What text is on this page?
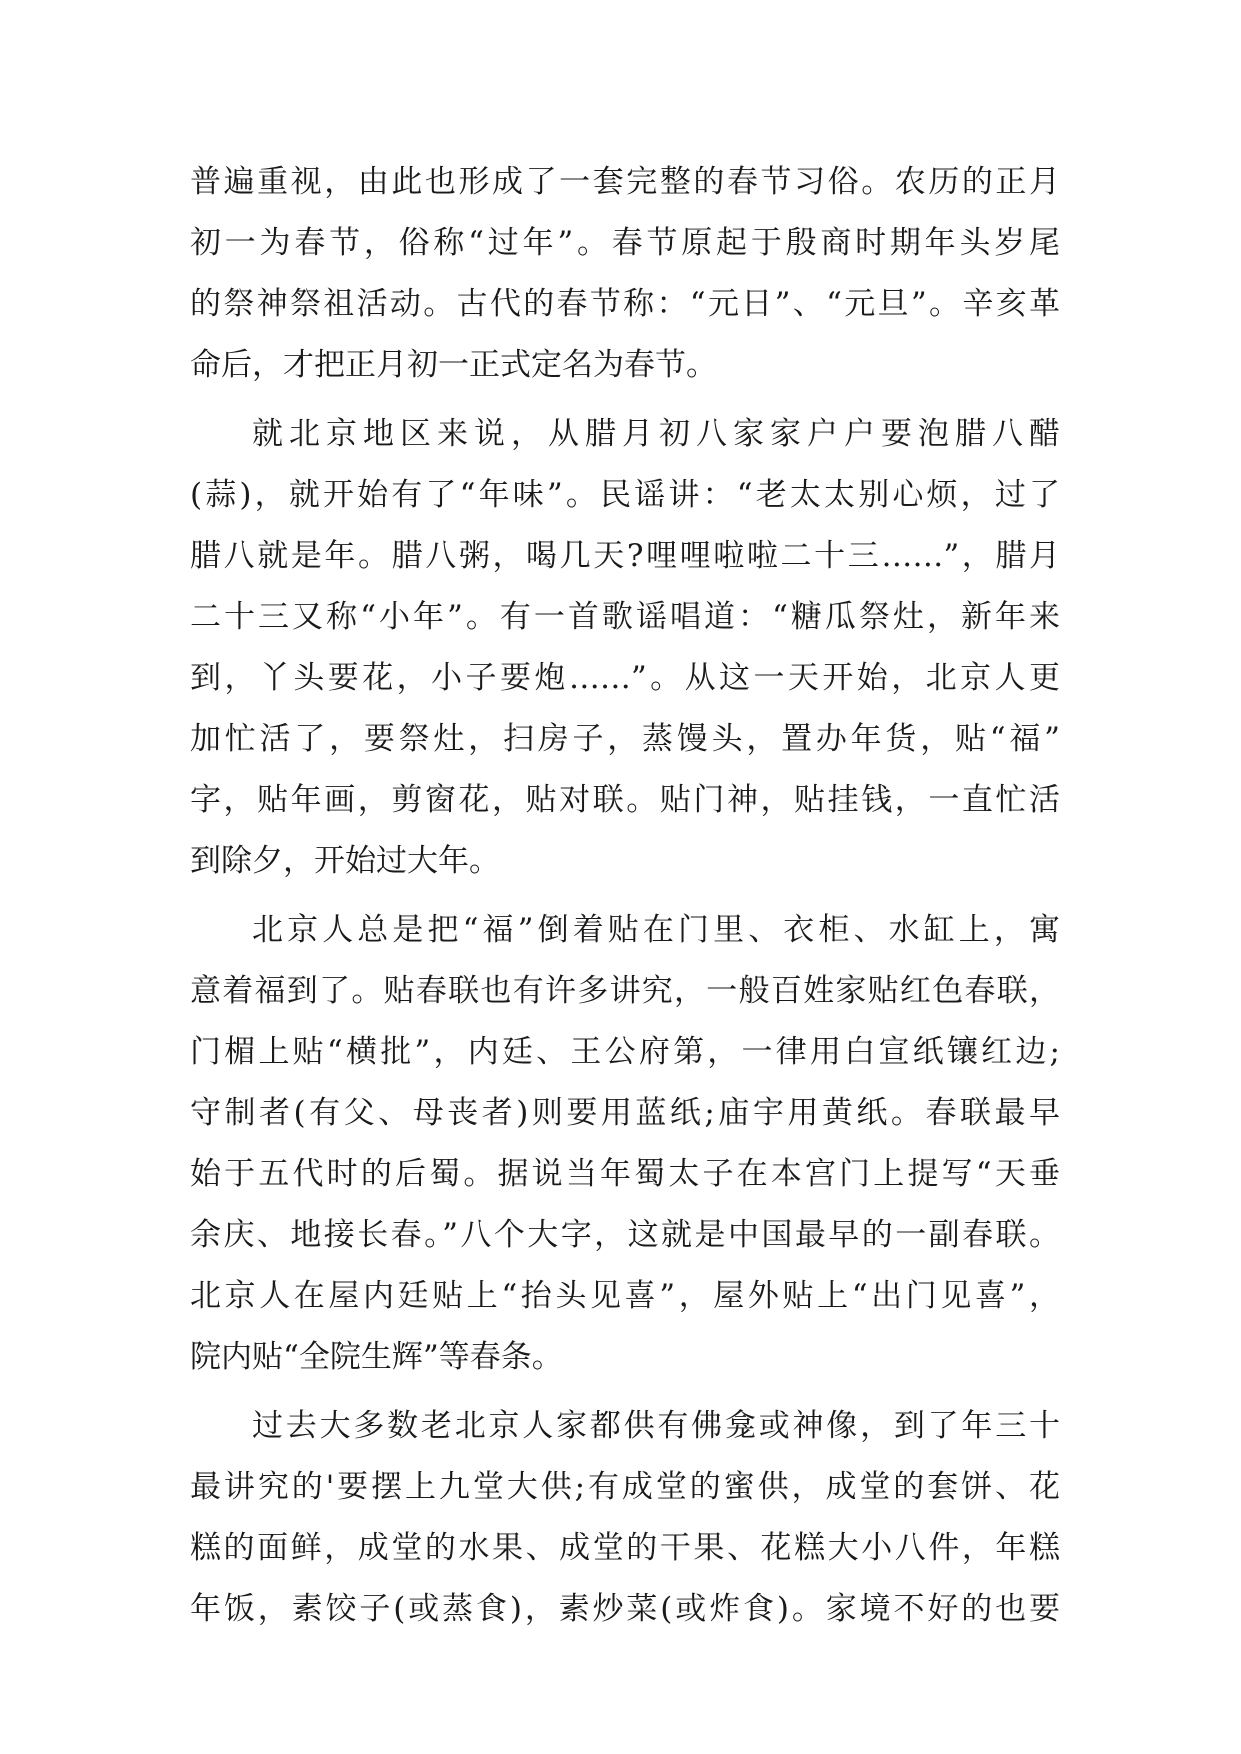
普遍重视，由此也形成了一套完整的春节习俗。农历的正月
初一为春节，俗称“过年”。春节原起于殷商时期年头岁尾
的祭神祭祖活动。古代的春节称：“元日”、“元旦”。辛亥革
命后，才把正月初一正式定名为春节。
就北京地区来说，从腊月初八家家户户要泡腊八醋
(蒜)，就开始有了“年味”。民谣讲：“老太太别心烦，过了
腊八就是年。腊八粥，喝几天?哩哩啦啦二十三……”，腊月
二十三又称“小年”。有一首歌谣唱道：“糖瓜祭灶，新年来
到，丫头要花，小子要炮……”。从这一天开始，北京人更
加忙活了，要祭灶，扫房子，蒸馒头，置办年货，贴“福”
字，贴年画，剪窗花，贴对联。贴门神，贴挂钱，一直忙活
到除夕，开始过大年。
北京人总是把“福”倒着贴在门里、衣柜、水缸上，寓
意着福到了。贴春联也有许多讲究，一般百姓家贴红色春联，
门楣上贴“横批”，内廷、王公府第，一律用白宣纸镶红边;
守制者(有父、母丧者)则要用蓝纸;庙宇用黄纸。春联最早
始于五代时的后蜀。据说当年蜀太子在本宫门上提写“天垂
余庆、地接长春。”八个大字，这就是中国最早的一副春联。
北京人在屋内廷贴上“抬头见喜”，屋外贴上“出门见喜”，
院内贴“全院生辉”等春条。
过去大多数老北京人家都供有佛龛或神像，到了年三十
最讲究的'要摆上九堂大供;有成堂的蜜供，成堂的套饼、花
糕的面鲜，成堂的水果、成堂的干果、花糕大小八件，年糕
年饭，素饺子(或蒸食)，素炒菜(或炸食)。家境不好的也要
